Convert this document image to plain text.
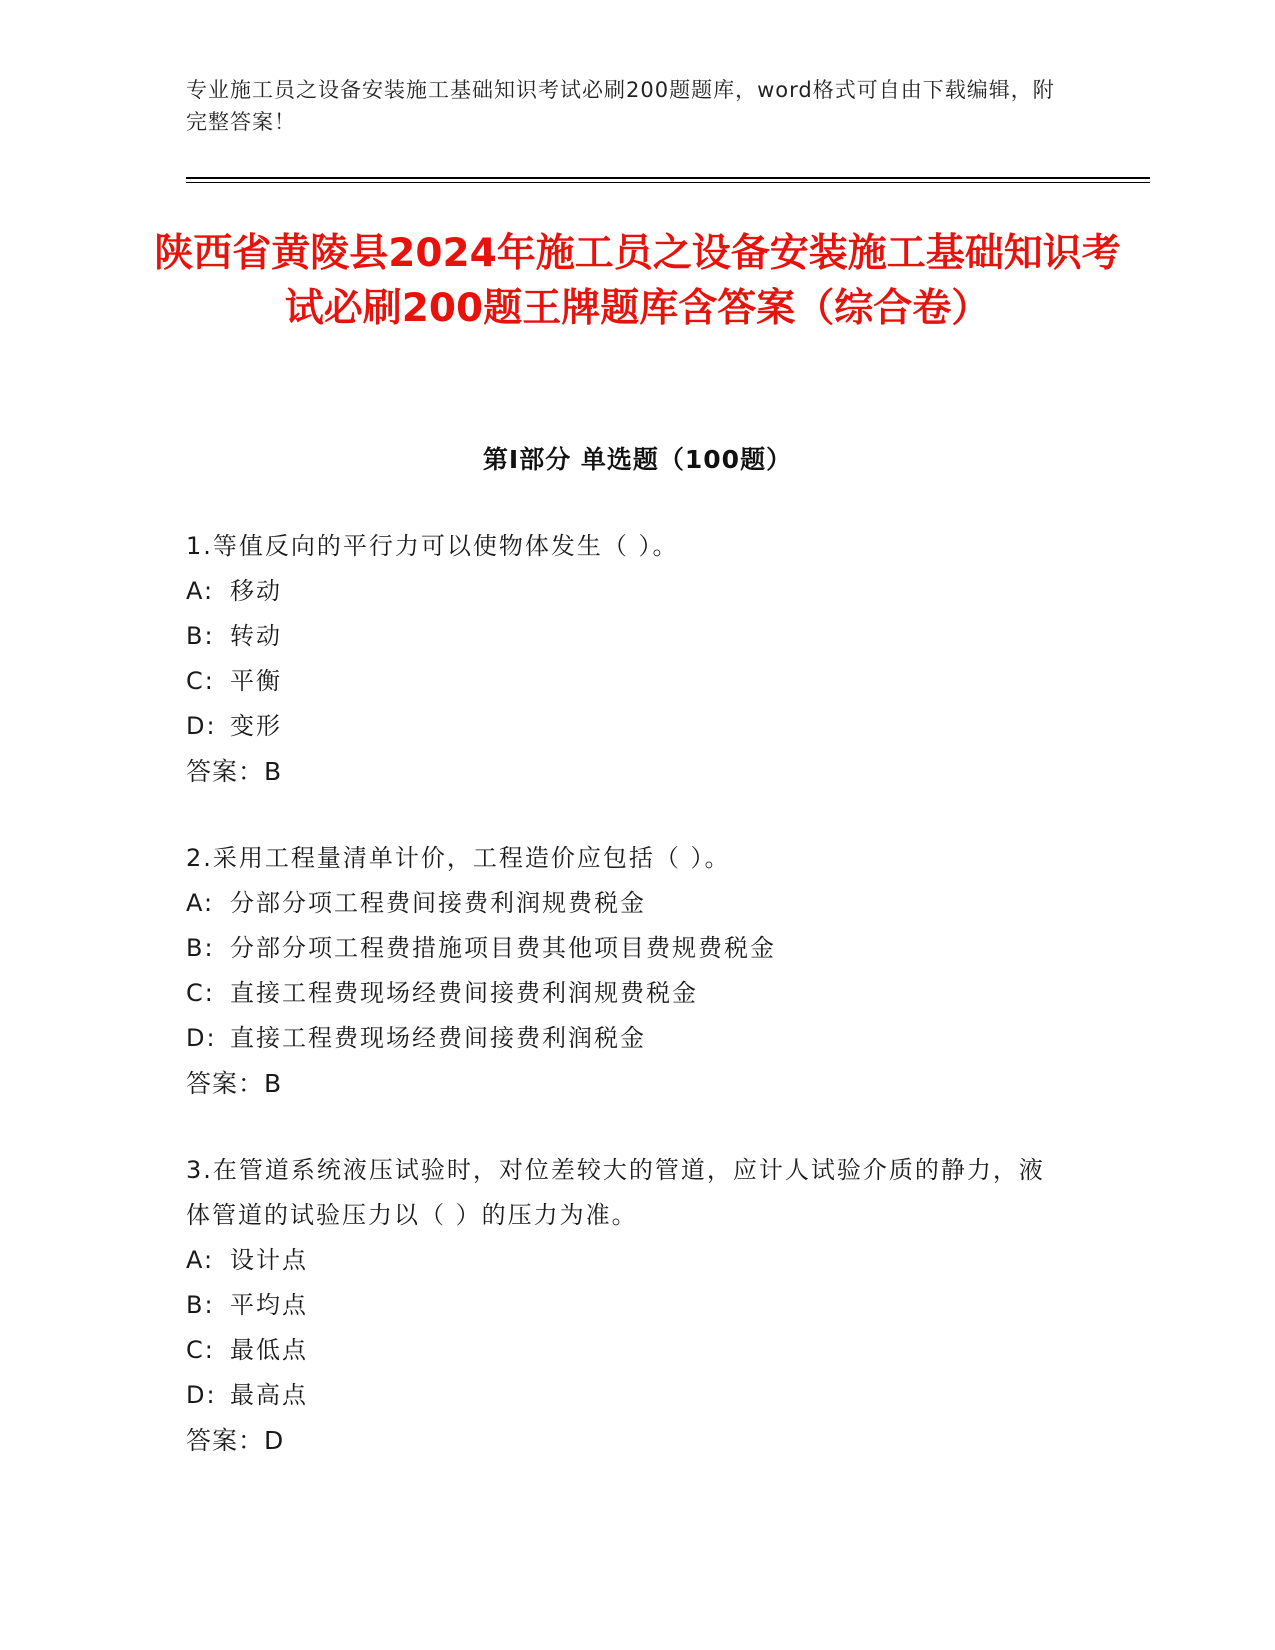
专业施工员之设备安装施工基础知识考试必刷200题题库，word格式可自由下载编辑，附完整答案！
陕西省黄陵县2024年施工员之设备安装施工基础知识考试必刷200题王牌题库含答案（综合卷）
第I部分 单选题（100题）

1.等值反向的平行力可以使物体发生（ ）。

A: 移动

B: 转动

C: 平衡

D: 变形

答案：B

2.采用工程量清单计价，工程造价应包括（ ）。

A: 分部分项工程费间接费利润规费税金

B: 分部分项工程费措施项目费其他项目费规费税金

C: 直接工程费现场经费间接费利润规费税金

D: 直接工程费现场经费间接费利润税金

答案：B

3.在管道系统液压试验时，对位差较大的管道，应计人试验介质的静力，液体管道的试验压力以（ ）的压力为准。

A: 设计点

B: 平均点

C: 最低点

D: 最高点

答案：D
